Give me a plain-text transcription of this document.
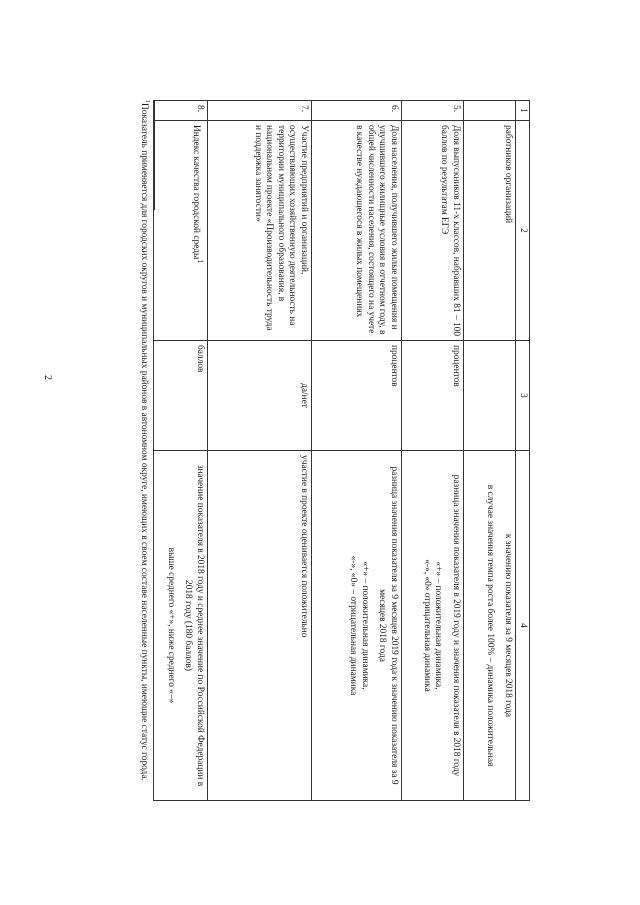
2
1	2	3	4
	работников организаций		к значению показателя за 9 месяцев 2018 года
в случае значения темпа роста более 100% – динамика положительная

5.	Доля выпускников 11-х классов, набравших 81 – 100 баллов по результатам ЕГЭ	процентов	разница значения показателя в 2019 году и значения показателя в 2018 году
«+» – положительная динамика,
«-», «0» отрицательная динамика

6.	Доля населения, получившего жилые помещения и улучшившего жилищные условия в отчетном году, в общей численности населения, состоящего на учете в качестве нуждающегося в жилых помещениях	процентов	разница значения показателя за 9 месяцев 2019 года к значению показателя за 9 месяцев 2018 года
«+» – положительная динамика,
«-», «0» – отрицательная динамика

7.	Участие предприятий и организаций, осуществляющих хозяйственную деятельность на территории муниципального образования, в национальном проекте «Производительность труда и поддержка занятости»	да/нет	участие в проекте оценивается положительно

8.	Индекс качества городской среды$^1$	баллов	значение показателя в 2018 году и среднее значение по Российской Федерации в 2018 году (180 баллов)
выше среднего «+», ниже среднего «–»
$^1$Показатель применяется для городских округов и муниципальных районов в автономном округе, имеющих в своем составе населенные пункты, имеющие статус города.
